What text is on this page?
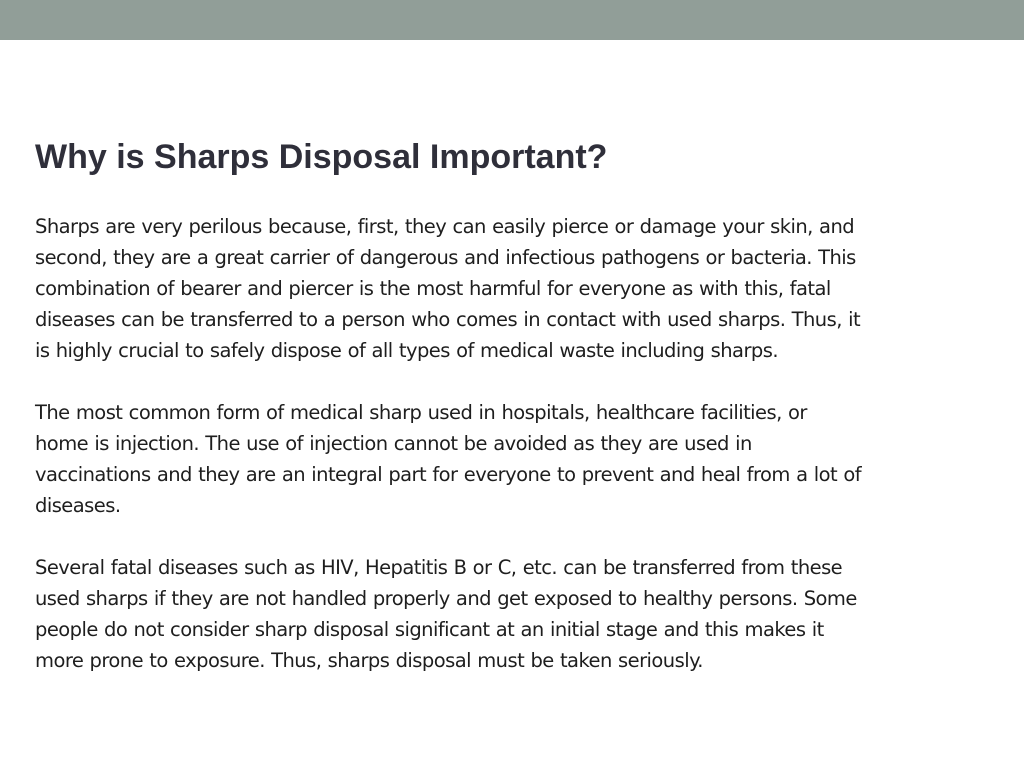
Why is Sharps Disposal Important?

Sharps are very perilous because, first, they can easily pierce or damage your skin, and
second, they are a great carrier of dangerous and infectious pathogens or bacteria. This
combination of bearer and piercer is the most harmful for everyone as with this, fatal
diseases can be transferred to a person who comes in contact with used sharps. Thus, it
is highly crucial to safely dispose of all types of medical waste including sharps.

The most common form of medical sharp used in hospitals, healthcare facilities, or
home is injection. The use of injection cannot be avoided as they are used in
vaccinations and they are an integral part for everyone to prevent and heal from a lot of
diseases.

Several fatal diseases such as HIV, Hepatitis B or C, etc. can be transferred from these
used sharps if they are not handled properly and get exposed to healthy persons. Some
people do not consider sharp disposal significant at an initial stage and this makes it
more prone to exposure. Thus, sharps disposal must be taken seriously.
